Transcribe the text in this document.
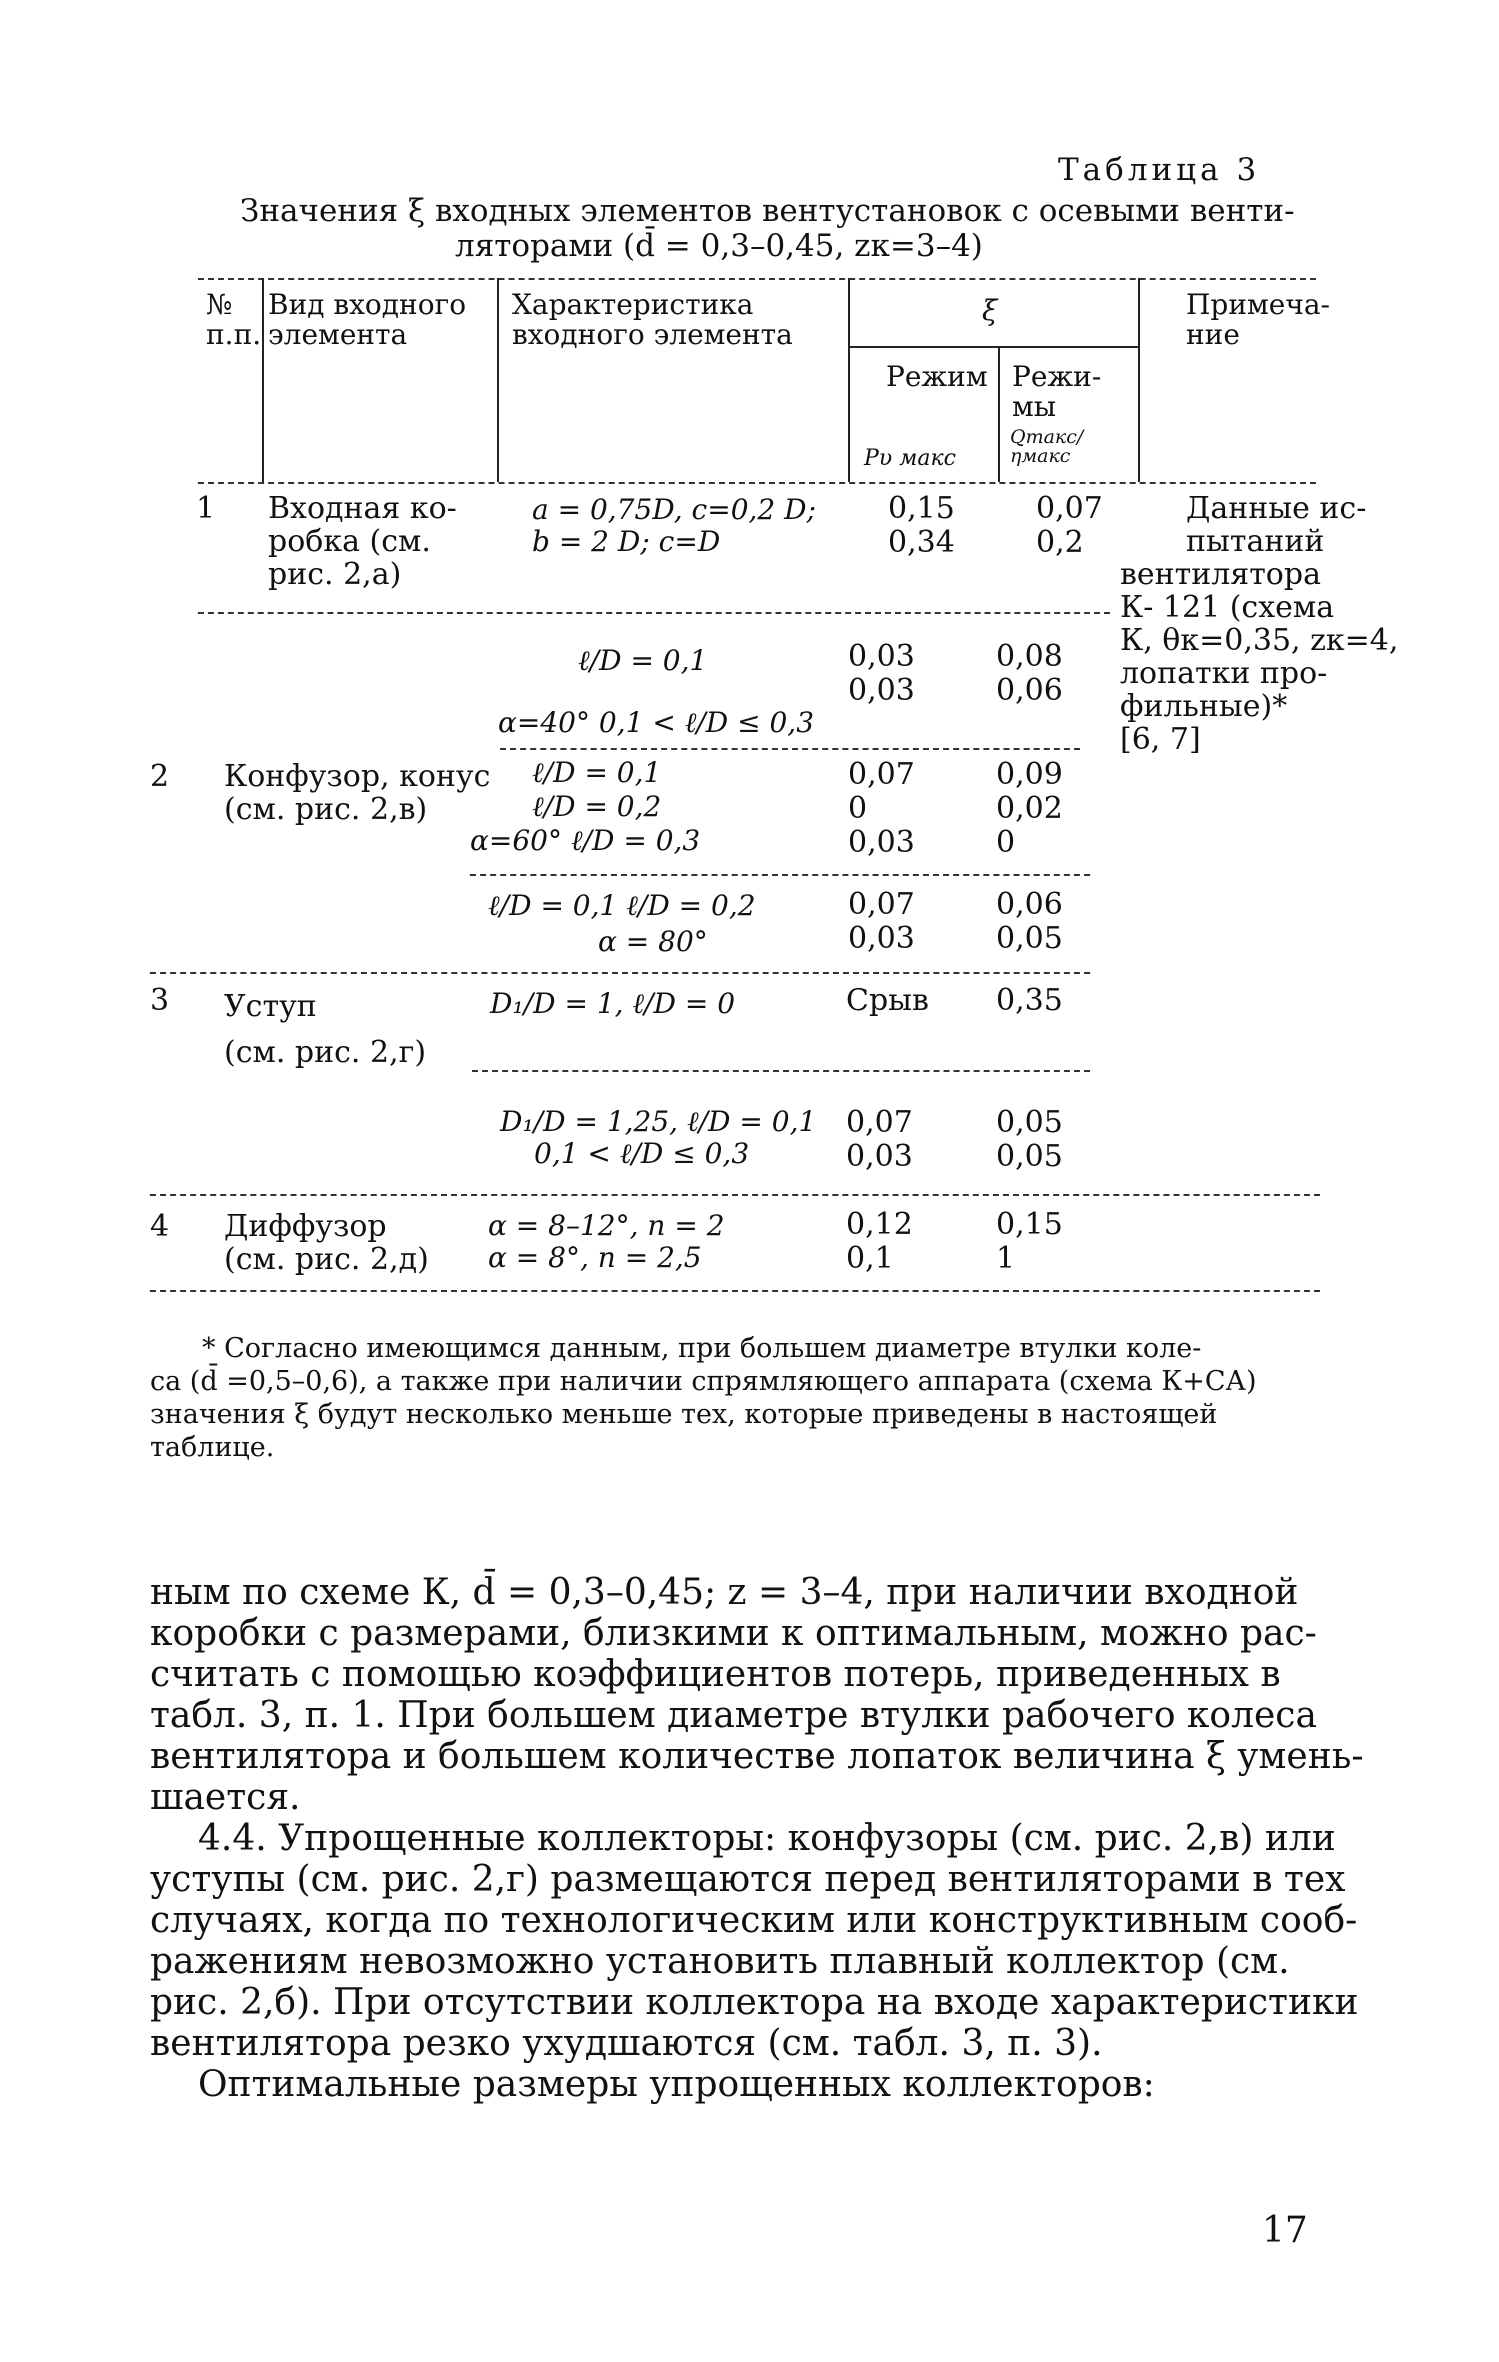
Таблица 3
Значения ξ входных элементов вентустановок с осевыми венти-
ляторами (d̄ = 0,3–0,45, zк=3–4)
№
п.п.
Вид входного
элемента
Характеристика
входного элемента
ξ
Режим
Pυ макс
Режи-
мы
Qmакс/
ηмакс
Примеча-
ние
1 Входная ко-
робка (см.
рис. 2,а)
a = 0,75D, c=0,2 D;
b = 2 D; c=D
0,15
0,34
0,07
0,2
Данные ис-
пытаний
вентилятора
К- 121 (схема
К, θк=0,35, zк=4,
лопатки про-
фильные)*
[6, 7]
2 Конфузор, конус
(см. рис. 2,в)
ℓ/D = 0,1
α=40° 0,1 < ℓ/D ≤ 0,3
0,03
0,03
0,08
0,06
ℓ/D = 0,1
ℓ/D = 0,2
α=60° ℓ/D = 0,3
0,07
0
0,03
0,09
0,02
0
ℓ/D = 0,1 ℓ/D = 0,2
α = 80°
0,07
0,03
0,06
0,05
3 Уступ
(см. рис. 2,г)
D₁/D = 1, ℓ/D = 0	Срыв 0,35
D₁/D = 1,25, ℓ/D = 0,1
0,1 < ℓ/D ≤ 0,3
0,07
0,03
0,05
0,05
4 Диффузор
(см. рис. 2,д)
α = 8–12°, n = 2
α = 8°, n = 2,5
0,12
0,1
0,15
1
* Согласно имеющимся данным, при большем диаметре втулки коле-
са (d̄ =0,5–0,6), а также при наличии спрямляющего аппарата (схема К+СА)
значения ξ будут несколько меньше тех, которые приведены в настоящей
таблице.
ным по схеме К, d̄ = 0,3–0,45; z = 3–4, при наличии входной
коробки с размерами, близкими к оптимальным, можно рас-
считать с помощью коэффициентов потерь, приведенных в
табл. 3, п. 1. При большем диаметре втулки рабочего колеса
вентилятора и большем количестве лопаток величина ξ умень-
шается.
4.4. Упрощенные коллекторы: конфузоры (см. рис. 2,в) или
уступы (см. рис. 2,г) размещаются перед вентиляторами в тех
случаях, когда по технологическим или конструктивным сооб-
ражениям невозможно установить плавный коллектор (см.
рис. 2,б). При отсутствии коллектора на входе характеристики
вентилятора резко ухудшаются (см. табл. 3, п. 3).
Оптимальные размеры упрощенных коллекторов:
17
